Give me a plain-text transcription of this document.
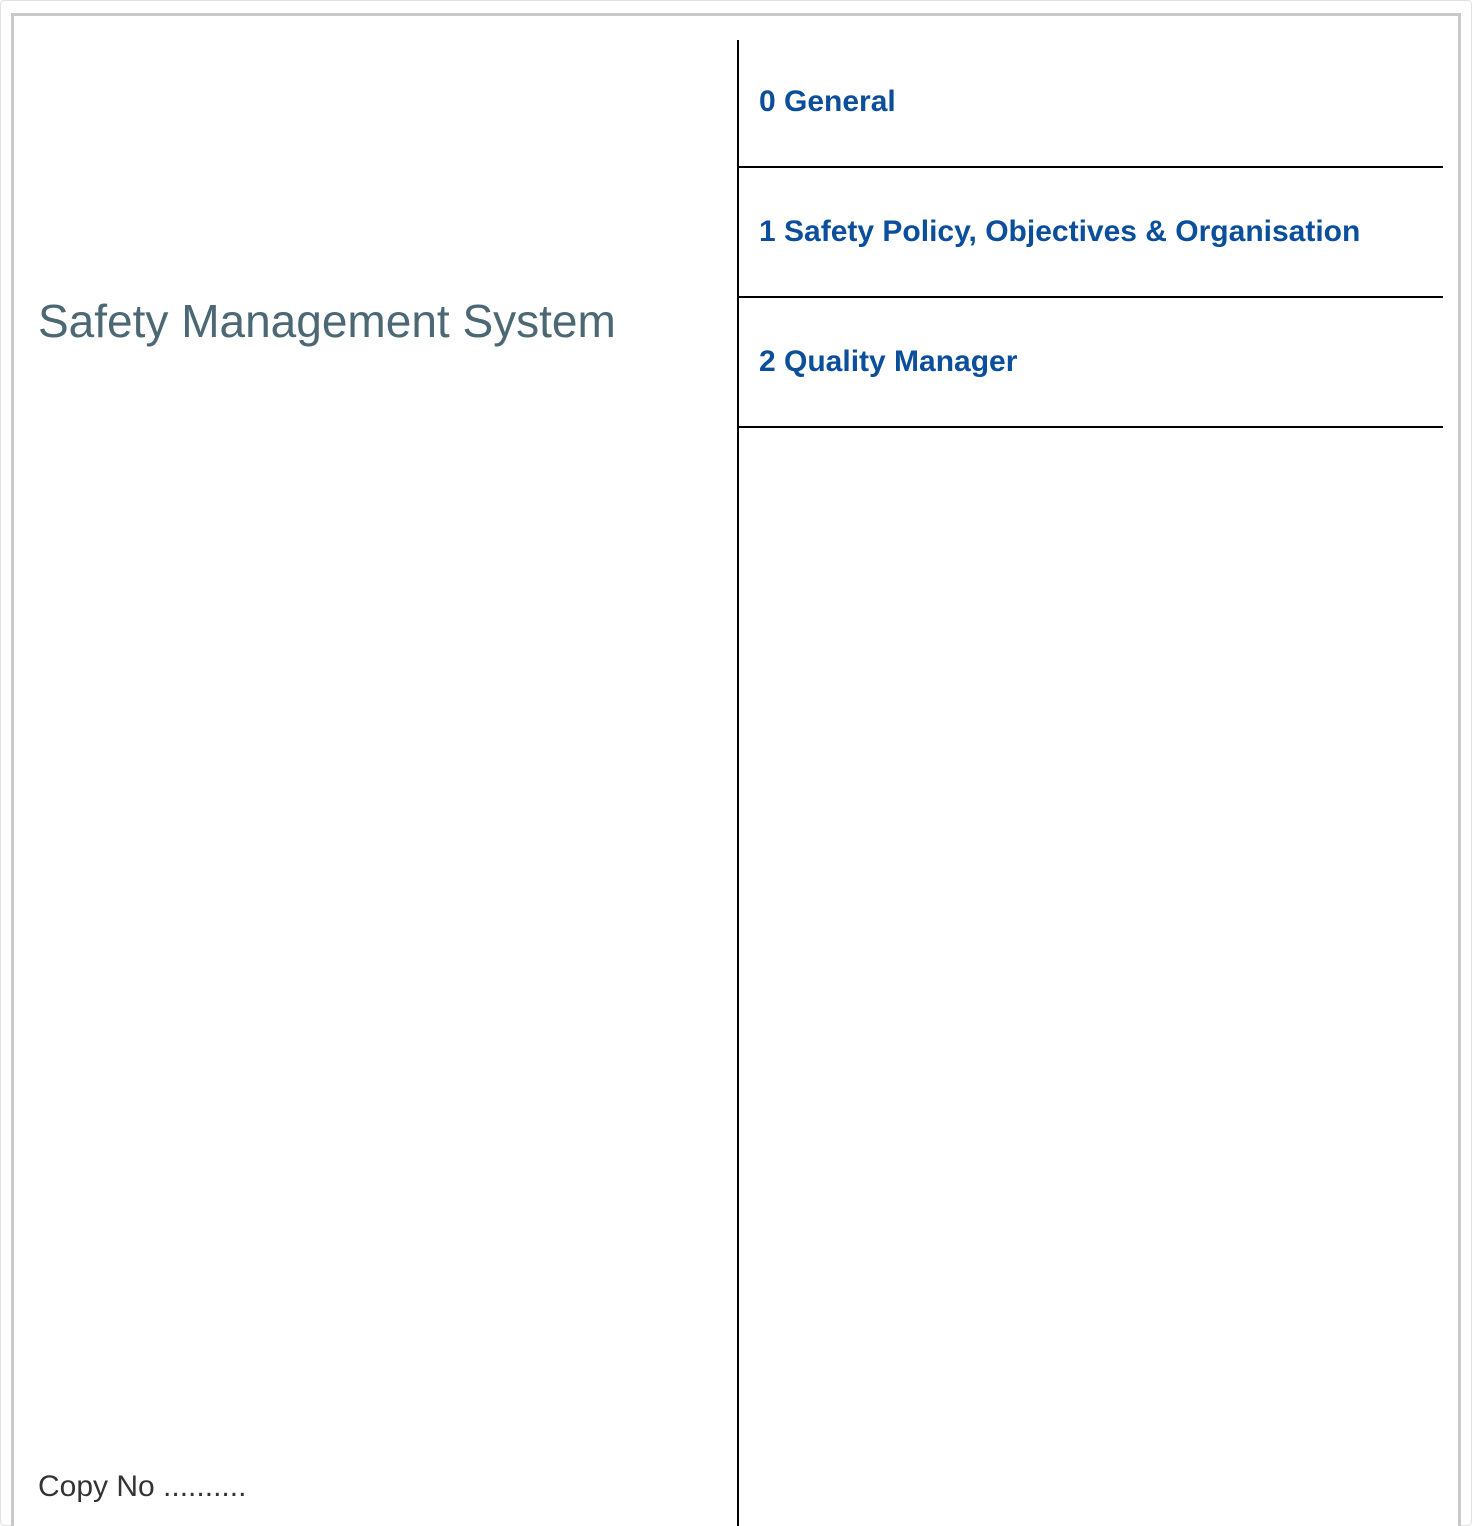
Safety Management System
Copy No ..........
0 General
1 Safety Policy, Objectives & Organisation
2 Quality Manager
